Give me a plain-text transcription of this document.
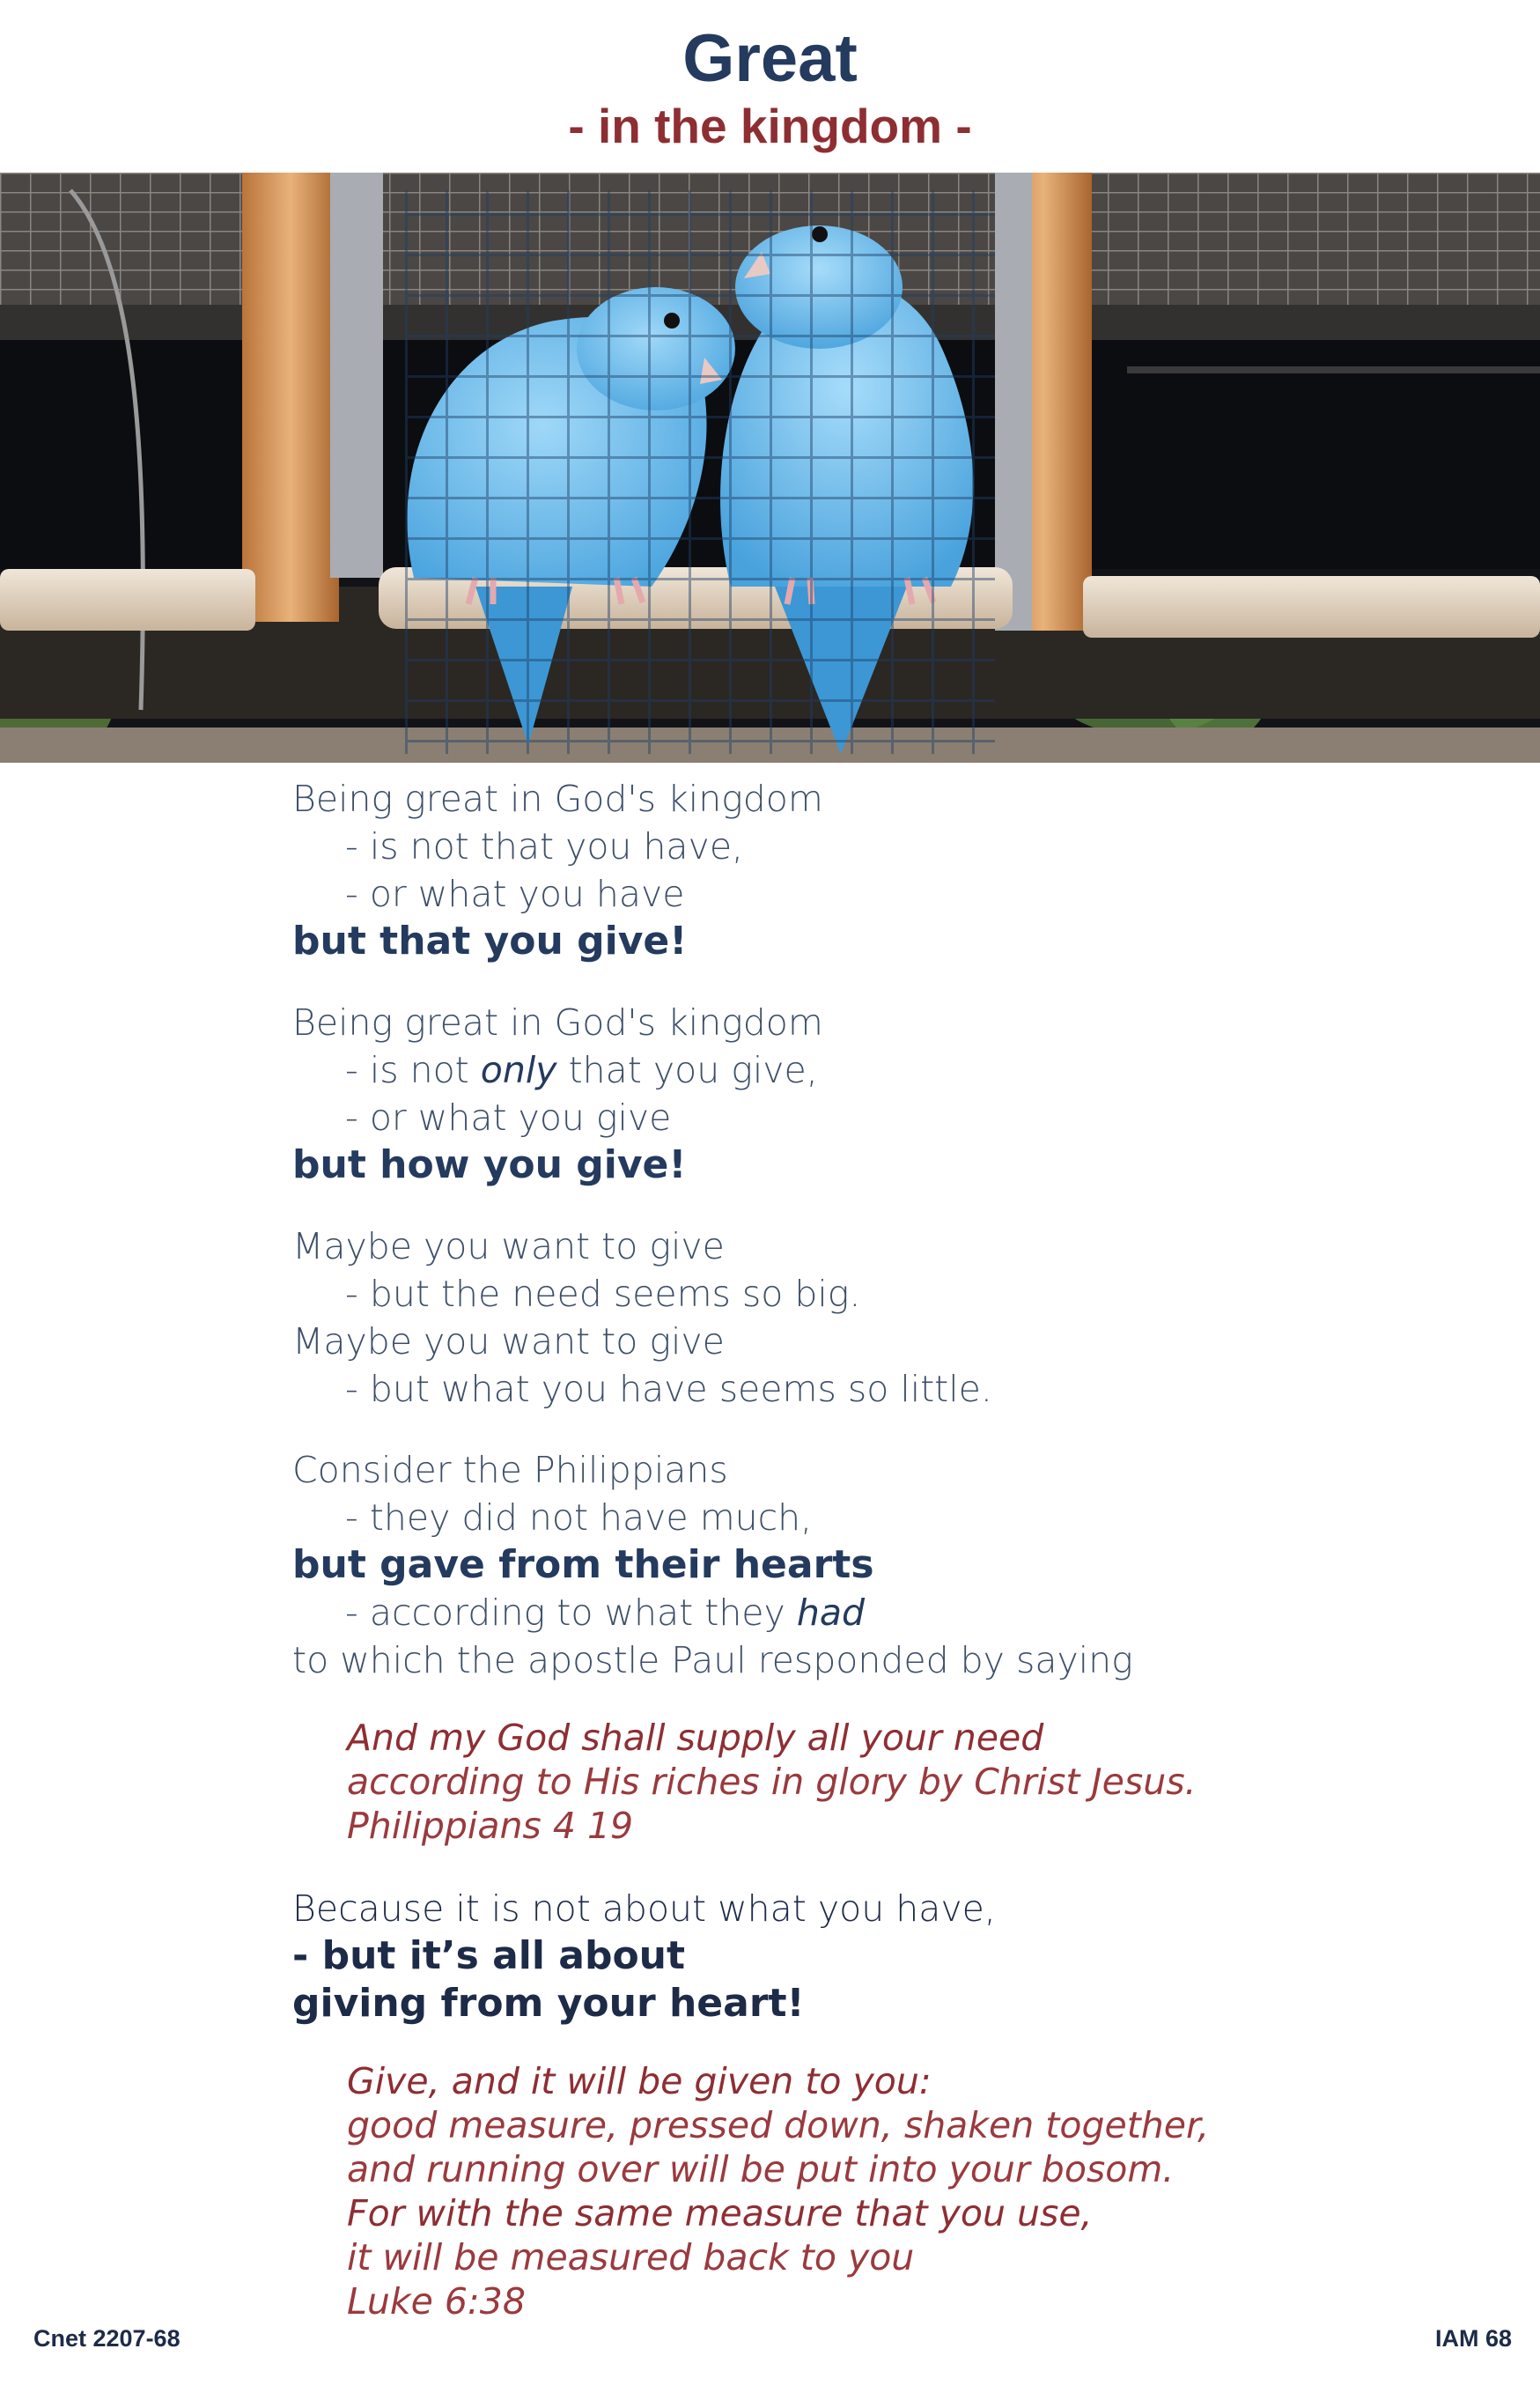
Great
- in the kingdom -
Being great in God's kingdom
- is not that you have,
- or what you have
but that you give!
Being great in God's kingdom
- is not only that you give,
- or what you give
but how you give!
Maybe you want to give
- but the need seems so big.
Maybe you want to give
- but what you have seems so little.
Consider the Philippians
- they did not have much,
but gave from their hearts
- according to what they had
to which the apostle Paul responded by saying
And my God shall supply all your need
according to His riches in glory by Christ Jesus.
Philippians 4 19
Because it is not about what you have,
- but it’s all about
giving from your heart!
Give, and it will be given to you:
good measure, pressed down, shaken together,
and running over will be put into your bosom.
For with the same measure that you use,
it will be measured back to you
Luke 6:38
Cnet 2207-68	IAM 68
